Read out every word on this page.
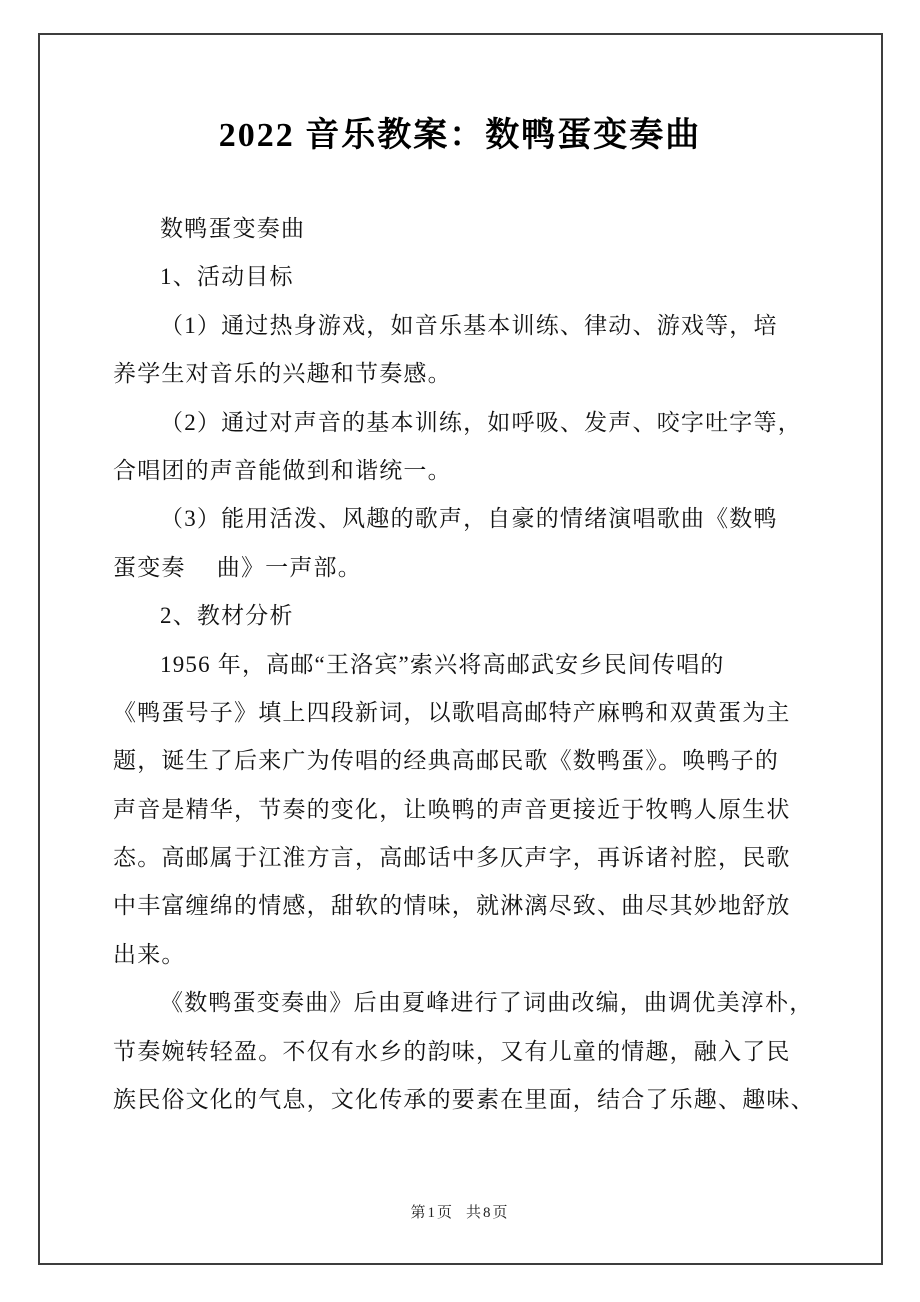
2022 音乐教案：数鸭蛋变奏曲
数鸭蛋变奏曲
1、活动目标
（1）通过热身游戏，如音乐基本训练、律动、游戏等，培
养学生对音乐的兴趣和节奏感。
（2）通过对声音的基本训练，如呼吸、发声、咬字吐字等，
合唱团的声音能做到和谐统一。
（3）能用活泼、风趣的歌声，自豪的情绪演唱歌曲《数鸭
蛋变奏　 曲》一声部。
2、教材分析
1956 年，高邮“王洛宾”索兴将高邮武安乡民间传唱的
《鸭蛋号子》填上四段新词，以歌唱高邮特产麻鸭和双黄蛋为主
题，诞生了后来广为传唱的经典高邮民歌《数鸭蛋》。唤鸭子的
声音是精华，节奏的变化，让唤鸭的声音更接近于牧鸭人原生状
态。高邮属于江淮方言，高邮话中多仄声字，再诉诸衬腔，民歌
中丰富缠绵的情感，甜软的情味，就淋漓尽致、曲尽其妙地舒放
出来。
《数鸭蛋变奏曲》后由夏峰进行了词曲改编，曲调优美淳朴，
节奏婉转轻盈。不仅有水乡的韵味，又有儿童的情趣，融入了民
族民俗文化的气息，文化传承的要素在里面，结合了乐趣、趣味、
第1页 共8页
